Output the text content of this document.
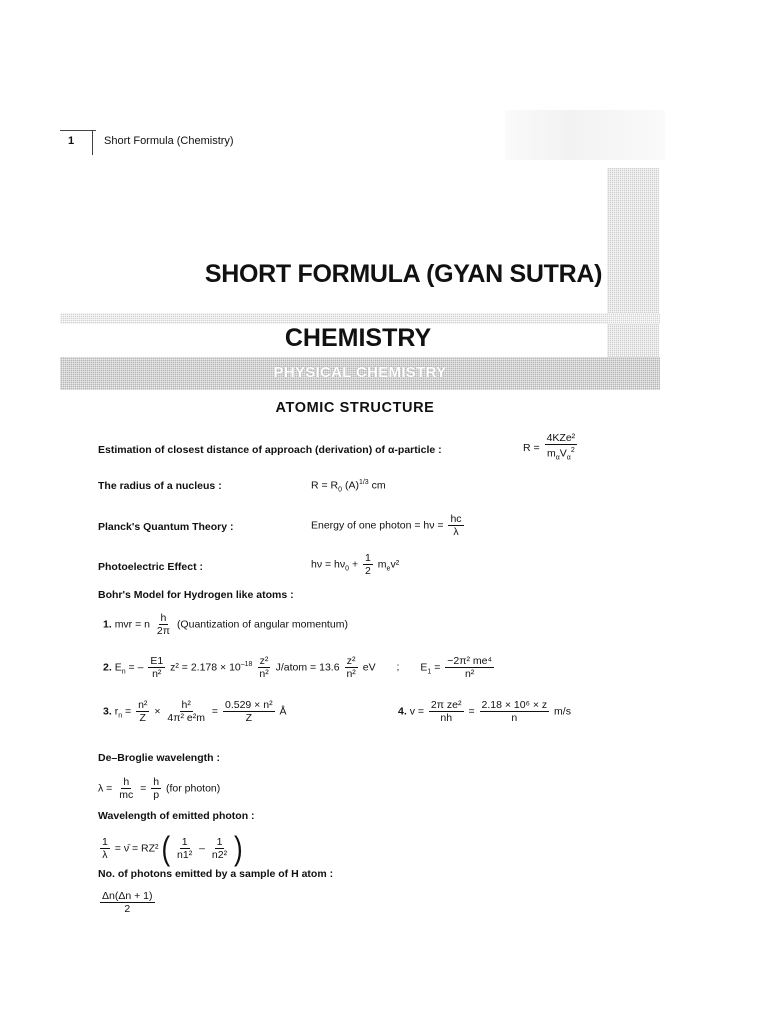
1	Short Formula (Chemistry)
SHORT FORMULA (GYAN SUTRA)
CHEMISTRY
PHYSICAL CHEMISTRY
ATOMIC STRUCTURE
Estimation of closest distance of approach (derivation) of α-particle :	$R = \frac{\text{4KZe²}}{m_\alpha V_\alpha^2}$
The radius of a nucleus :	$R = R_0$ $(A)^{1/3}$ cm
Planck's Quantum Theory :	Energy of one photon = $h\nu = \frac{hc}{\lambda}$
Photoelectric Effect :	$h\nu = h\nu_0 + \frac{1}{2} m_ev^2$
Bohr's Model for Hydrogen like atoms :
1. mvr = n $\frac{h}{2\pi}$ (Quantization of angular momentum)
2. $E_n$ = – $\frac{E1}{\text{n²}} z^2 = 2.178 \times 10^{-18} \frac{\text{z²}}{\text{n²}}$ J/atom = $13.6 \frac{\text{z²}}{\text{n²}}$ eV ; $E_1 = \frac{\text{−2π² me⁴}}{\text{n²}}$
3. $r_n = \frac{\text{n²}}{Z} \times \frac{\text{h²}}{\text{4π² e²m}} = \frac{\text{0.529 × n²}}{Z}$ Å	4. $v = \frac{\text{2π ze²}}{nh} = \frac{\text{2.18 × 10⁶ × z}}{n} m/s$
De–Broglie wavelength :
$\lambda = \frac{h}{mc} = \frac{h}{p} (for$ photon)
Wavelength of emitted photon :
$\frac{1}{\lambda}$ = ν̄ = RZ² ( $\frac{1}{\text{n1²}} - \frac{1}{\text{n2²}}$ )
No. of photons emitted by a sample of H atom :
$\frac{\Delta n(\Delta n + 1)}{2}$
